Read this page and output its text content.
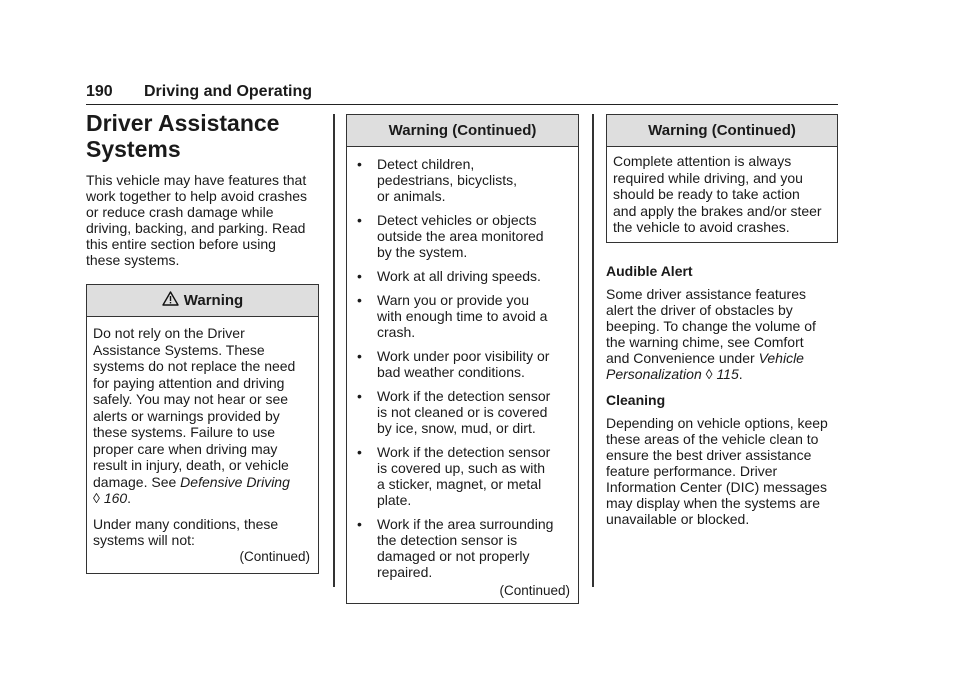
190 Driving and Operating
Driver Assistance
Systems

This vehicle may have features that
work together to help avoid crashes
or reduce crash damage while
driving, backing, and parking. Read
this entire section before using
these systems.

Warning

Do not rely on the Driver
Assistance Systems. These
systems do not replace the need
for paying attention and driving
safely. You may not hear or see
alerts or warnings provided by
these systems. Failure to use
proper care when driving may
result in injury, death, or vehicle
damage. See Defensive Driving
◊ 160.

Under many conditions, these
systems will not:

(Continued)
Warning (Continued)
•	Detect children,
pedestrians, bicyclists,
or animals.
•	Detect vehicles or objects
outside the area monitored
by the system.
•	Work at all driving speeds.
•	Warn you or provide you
with enough time to avoid a
crash.
•	Work under poor visibility or
bad weather conditions.
•	Work if the detection sensor
is not cleaned or is covered
by ice, snow, mud, or dirt.
•	Work if the detection sensor
is covered up, such as with
a sticker, magnet, or metal
plate.
•	Work if the area surrounding
the detection sensor is
damaged or not properly
repaired.
(Continued)
Warning (Continued)
Complete attention is always
required while driving, and you
should be ready to take action
and apply the brakes and/or steer
the vehicle to avoid crashes.
Audible Alert

Some driver assistance features
alert the driver of obstacles by
beeping. To change the volume of
the warning chime, see Comfort
and Convenience under Vehicle
Personalization ◊ 115.

Cleaning

Depending on vehicle options, keep
these areas of the vehicle clean to
ensure the best driver assistance
feature performance. Driver
Information Center (DIC) messages
may display when the systems are
unavailable or blocked.
